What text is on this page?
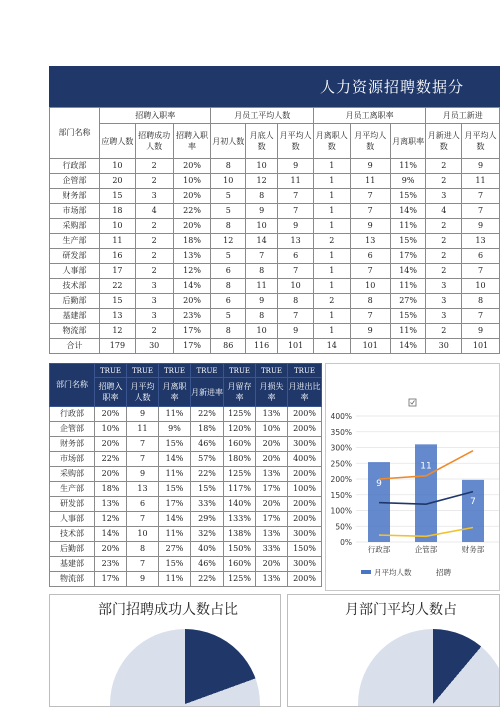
人力资源招聘数据分
部门名称	招聘入职率			月员工平均人数			月员工离职率			月员工新进	
	应聘人数	招聘成功人数	招聘入职率	月初人数	月底人数	月平均人数	月离职人数	月平均人数	月离职率	月新进人数	月平均人数
行政部	10	2	20%	8	10	9	1	9	11%	2	9
企管部	20	2	10%	10	12	11	1	11	9%	2	11
财务部	15	3	20%	5	8	7	1	7	15%	3	7
市场部	18	4	22%	5	9	7	1	7	14%	4	7
采购部	10	2	20%	8	10	9	1	9	11%	2	9
生产部	11	2	18%	12	14	13	2	13	15%	2	13
研发部	16	2	13%	5	7	6	1	6	17%	2	6
人事部	17	2	12%	6	8	7	1	7	14%	2	7
技术部	22	3	14%	8	11	10	1	10	11%	3	10
后勤部	15	3	20%	6	9	8	2	8	27%	3	8
基建部	13	3	23%	5	8	7	1	7	15%	3	7
物流部	12	2	17%	8	10	9	1	9	11%	2	9
合计	179	30	17%	86	116	101	14	101	14%	30	101
部门名称	TRUE	TRUE	TRUE	TRUE	TRUE	TRUE	TRUE
	招聘入职率	月平均人数	月离职率	月新进率	月留存率	月损失率	月进出比率
行政部	20%	9	11%	22%	125%	13%	200%
企管部	10%	11	9%	18%	120%	10%	200%
财务部	20%	7	15%	46%	160%	20%	300%
市场部	22%	7	14%	57%	180%	20%	400%
采购部	20%	9	11%	22%	125%	13%	200%
生产部	18%	13	15%	15%	117%	17%	100%
研发部	13%	6	17%	33%	140%	20%	200%
人事部	12%	7	14%	29%	133%	17%	200%
技术部	14%	10	11%	32%	138%	13%	300%
后勤部	20%	8	27%	40%	150%	33%	150%
基建部	23%	7	15%	46%	160%	20%	300%
物流部	17%	9	11%	22%	125%	13%	200%
0%
50%
100%
150%
200%
250%
300%
350%
400%
行政部	企管部	财务部
9
11
7
月平均人数	招聘
部门招聘成功人数占比	月部门平均人数占
